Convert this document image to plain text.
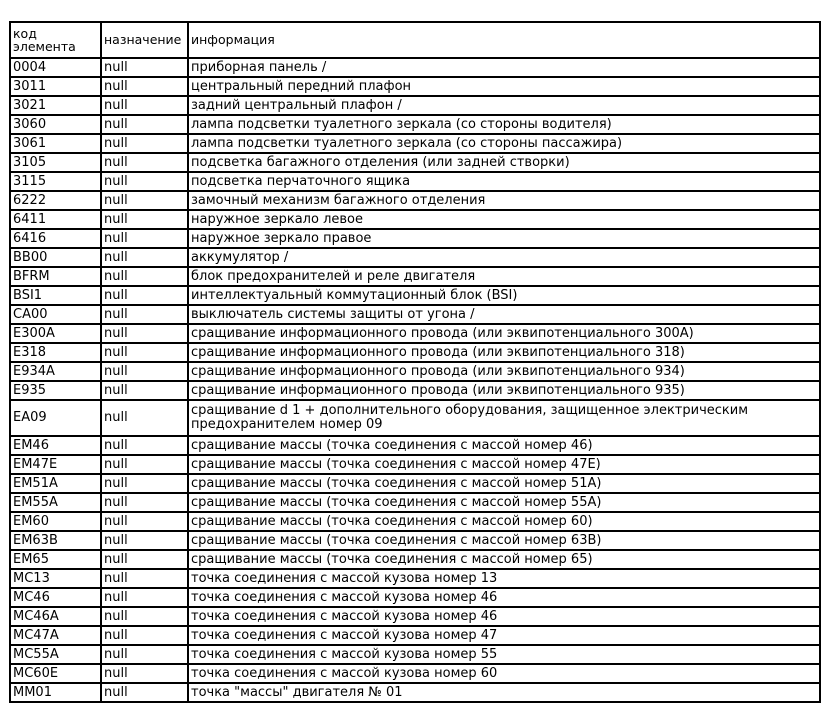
код элемента	назначение	информация
0004	null	приборная панель /
3011	null	центральный передний плафон
3021	null	задний центральный плафон /
3060	null	лампа подсветки туалетного зеркала (со стороны водителя)
3061	null	лампа подсветки туалетного зеркала (со стороны пассажира)
3105	null	подсветка багажного отделения (или задней створки)
3115	null	подсветка перчаточного ящика
6222	null	замочный механизм багажного отделения
6411	null	наружное зеркало левое
6416	null	наружное зеркало правое
BB00	null	аккумулятор /
BFRM	null	блок предохранителей и реле двигателя
BSI1	null	интеллектуальный коммутационный блок (BSI)
CA00	null	выключатель системы защиты от угона /
E300A	null	сращивание информационного провода (или эквипотенциального 300A)
E318	null	сращивание информационного провода (или эквипотенциального 318)
E934A	null	сращивание информационного провода (или эквипотенциального 934)
E935	null	сращивание информационного провода (или эквипотенциального 935)
EA09	null	сращивание d 1 + дополнительного оборудования, защищенное электрическим предохранителем номер 09
EM46	null	сращивание массы (точка соединения с массой номер 46)
EM47E	null	сращивание массы (точка соединения с массой номер 47E)
EM51A	null	сращивание массы (точка соединения с массой номер 51A)
EM55A	null	сращивание массы (точка соединения с массой номер 55A)
EM60	null	сращивание массы (точка соединения с массой номер 60)
EM63B	null	сращивание массы (точка соединения с массой номер 63B)
EM65	null	сращивание массы (точка соединения с массой номер 65)
MC13	null	точка соединения с массой кузова номер 13
MC46	null	точка соединения с массой кузова номер 46
MC46A	null	точка соединения с массой кузова номер 46
MC47A	null	точка соединения с массой кузова номер 47
MC55A	null	точка соединения с массой кузова номер 55
MC60E	null	точка соединения с массой кузова номер 60
MM01	null	точка "массы" двигателя № 01
